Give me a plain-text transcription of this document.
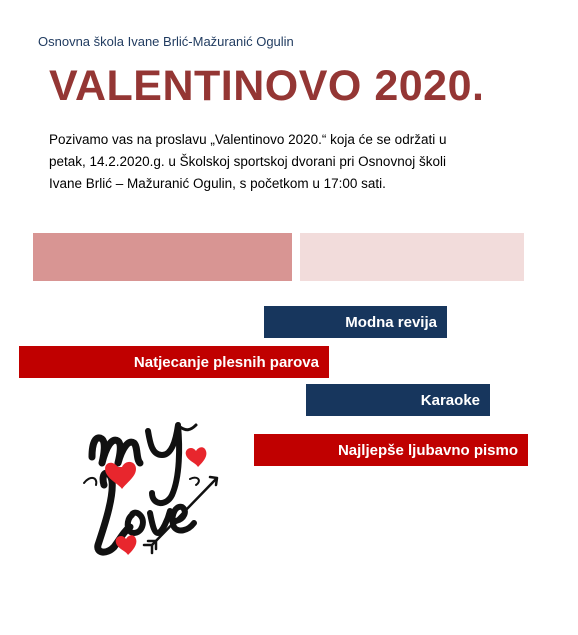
Osnovna škola Ivane Brlić-Mažuranić Ogulin
VALENTINOVO 2020.
Pozivamo vas na proslavu „Valentinovo 2020.“ koja će se održati u
petak, 14.2.2020.g. u Školskoj sportskoj dvorani pri Osnovnoj školi
Ivane Brlić – Mažuranić Ogulin, s početkom u 17:00 sati.
Modna revija
Natjecanje plesnih parova
Karaoke
Najljepše ljubavno pismo
